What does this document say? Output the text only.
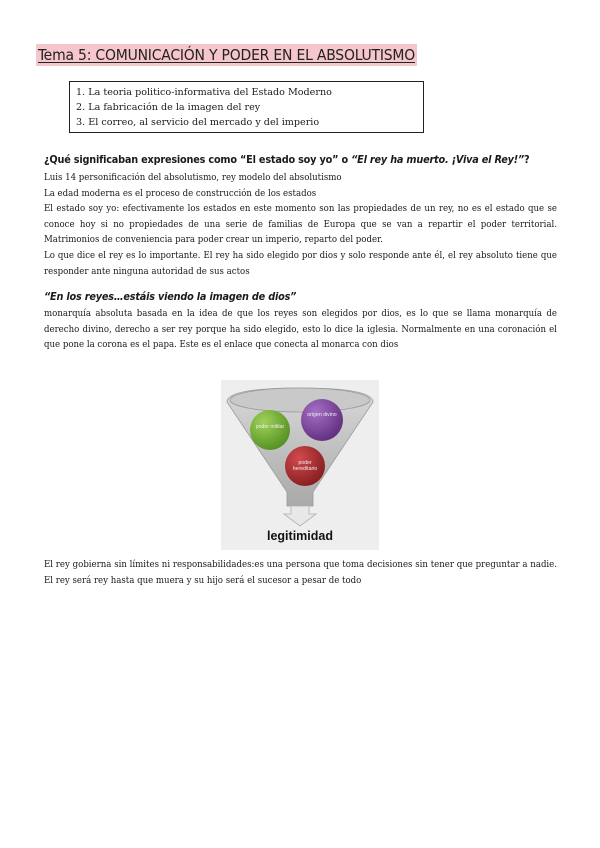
Tema 5: COMUNICACIÓN Y PODER EN EL ABSOLUTISMO
1. La teoria politico-informativa del Estado Moderno
2. La fabricación de la imagen del rey
3. El correo, al servicio del mercado y del imperio
¿Qué significaban expresiones como “El estado soy yo” o “El rey ha muerto. ¡Viva el Rey!”?

Luis 14 personificación del absolutismo, rey modelo del absolutismo

La edad moderna es el proceso de construcción de los estados

El estado soy yo: efectivamente los estados en este momento son las propiedades de un rey, no es el estado que se conoce hoy si no propiedades de una serie de familias de Europa que se van a repartir el poder territorial. Matrimonios de conveniencia para poder crear un imperio, reparto del poder.

Lo que dice el rey es lo importante. El rey ha sido elegido por dios y solo responde ante él, el rey absoluto tiene que responder ante ninguna autoridad de sus actos

“En los reyes…estáis viendo la imagen de dios”

monarquía absoluta basada en la idea de que los reyes son elegidos por dios, es lo que se llama monarquía de derecho divino, derecho a ser rey porque ha sido elegido, esto lo dice la iglesia. Normalmente en una coronación el que pone la corona es el papa. Este es el enlace que conecta al monarca con dios

poder militar
origen divino
poder hereditario
legitimidad

El rey gobierna sin límites ni responsabilidades:es una persona que toma decisiones sin tener que preguntar a nadie. El rey será rey hasta que muera y su hijo será el sucesor a pesar de todo
